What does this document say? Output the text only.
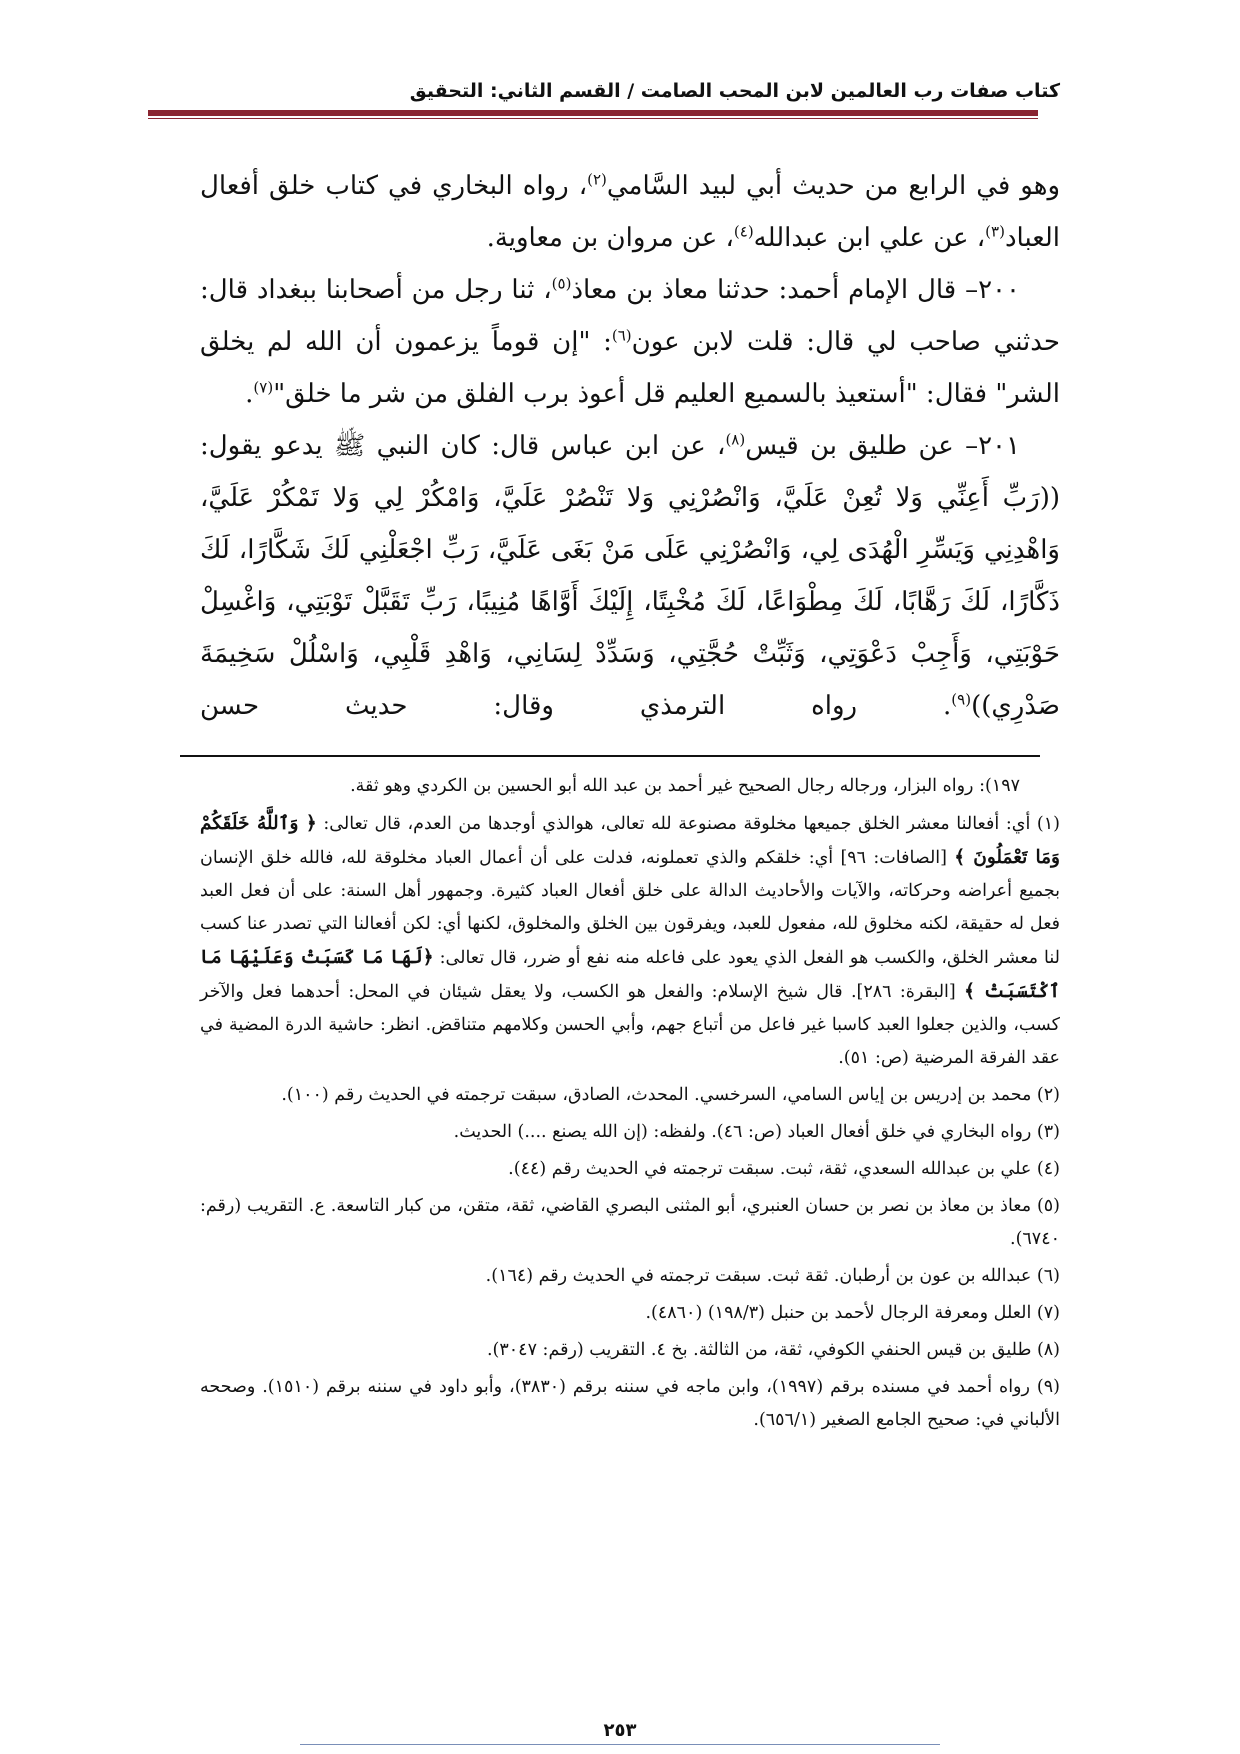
كتاب صفات رب العالمين لابن المحب الصامت / القسم الثاني: التحقيق

وهو في الرابع من حديث أبي لبيد السَّامي$^{(٢)}$، رواه البخاري في كتاب خلق أفعال العباد$^{(٣)}$، عن علي ابن عبدالله$^{(٤)}$، عن مروان بن معاوية.

٢٠٠– قال الإمام أحمد: حدثنا معاذ بن معاذ$^{(٥)}$، ثنا رجل من أصحابنا ببغداد قال: حدثني صاحب لي قال: قلت لابن عون$^{(٦)}$: "إن قوماً يزعمون أن الله لم يخلق الشر" فقال: "أستعيذ بالسميع العليم قل أعوذ برب الفلق من شر ما خلق"$^{(٧)}$.

٢٠١– عن طليق بن قيس$^{(٨)}$، عن ابن عباس قال: كان النبي ﷺ يدعو يقول: ((رَبِّ أَعِنِّي وَلا تُعِنْ عَلَيَّ، وَانْصُرْنِي وَلا تَنْصُرْ عَلَيَّ، وَامْكُرْ لِي وَلا تَمْكُرْ عَلَيَّ، وَاهْدِنِي وَيَسِّرِ الْهُدَى لِي، وَانْصُرْنِي عَلَى مَنْ بَغَى عَلَيَّ، رَبِّ اجْعَلْنِي لَكَ شَكَّارًا، لَكَ ذَكَّارًا، لَكَ رَهَّابًا، لَكَ مِطْوَاعًا، لَكَ مُخْبِتًا، إِلَيْكَ أَوَّاهًا مُنِيبًا، رَبِّ تَقَبَّلْ تَوْبَتِي، وَاغْسِلْ حَوْبَتِي، وَأَجِبْ دَعْوَتِي، وَثَبِّتْ حُجَّتِي، وَسَدِّدْ لِسَانِي، وَاهْدِ قَلْبِي، وَاسْلُلْ سَخِيمَةَ صَدْرِي))$^{(٩)}$. رواه الترمذي وقال: حديث حسن

١٩٧): رواه البزار، ورجاله رجال الصحيح غير أحمد بن عبد الله أبو الحسين بن الكردي وهو ثقة.

(١) أي: أفعالنا معشر الخلق جميعها مخلوقة مصنوعة لله تعالى، هوالذي أوجدها من العدم، قال تعالى: ﴿ وَٱللَّهُ خَلَقَكُمْ وَمَا تَعْمَلُونَ ﴾ [الصافات: ٩٦] أي: خلقكم والذي تعملونه، فدلت على أن أعمال العباد مخلوقة لله، فالله خلق الإنسان بجميع أعراضه وحركاته، والآيات والأحاديث الدالة على خلق أفعال العباد كثيرة. وجمهور أهل السنة: على أن فعل العبد فعل له حقيقة، لكنه مخلوق لله، مفعول للعبد، ويفرقون بين الخلق والمخلوق، لكنها أي: لكن أفعالنا التي تصدر عنا كسب لنا معشر الخلق، والكسب هو الفعل الذي يعود على فاعله منه نفع أو ضرر، قال تعالى: ﴿لَهَا مَا كَسَبَتْ وَعَلَيْهَا مَا ٱكْتَسَبَتْ ﴾ [البقرة: ٢٨٦]. قال شيخ الإسلام: والفعل هو الكسب، ولا يعقل شيئان في المحل: أحدهما فعل والآخر كسب، والذين جعلوا العبد كاسبا غير فاعل من أتباع جهم، وأبي الحسن وكلامهم متناقض. انظر: حاشية الدرة المضية في عقد الفرقة المرضية (ص: ٥١).

(٢) محمد بن إدريس بن إياس السامي، السرخسي. المحدث، الصادق، سبقت ترجمته في الحديث رقم (١٠٠).

(٣) رواه البخاري في خلق أفعال العباد (ص: ٤٦). ولفظه: (إن الله يصنع ....) الحديث.

(٤) علي بن عبدالله السعدي، ثقة، ثبت. سبقت ترجمته في الحديث رقم (٤٤).

(٥) معاذ بن معاذ بن نصر بن حسان العنبري، أبو المثنى البصري القاضي، ثقة، متقن، من كبار التاسعة. ع. التقريب (رقم: ٦٧٤٠).

(٦) عبدالله بن عون بن أرطبان. ثقة ثبت. سبقت ترجمته في الحديث رقم (١٦٤).

(٧) العلل ومعرفة الرجال لأحمد بن حنبل (١٩٨/٣) (٤٨٦٠).

(٨) طليق بن قيس الحنفي الكوفي، ثقة، من الثالثة. بخ ٤. التقريب (رقم: ٣٠٤٧).

(٩) رواه أحمد في مسنده برقم (١٩٩٧)، وابن ماجه في سننه برقم (٣٨٣٠)، وأبو داود في سننه برقم (١٥١٠). وصححه الألباني في: صحيح الجامع الصغير (٦٥٦/١).

٢٥٣
